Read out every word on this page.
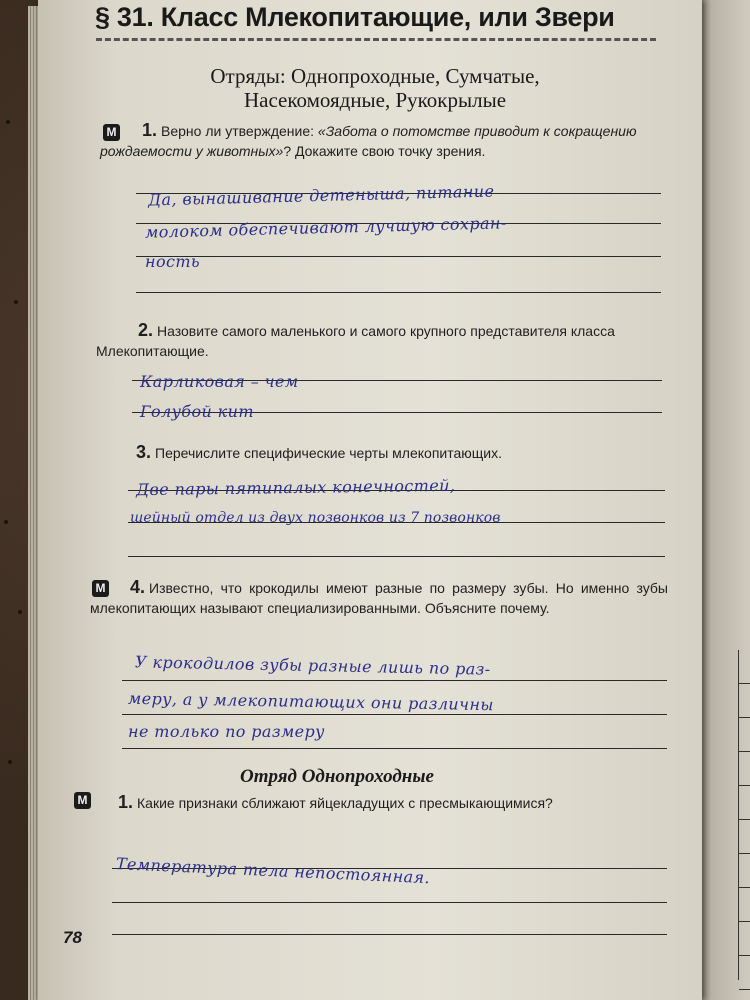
§ 31. Класс Млекопитающие, или Звери
Отряды: Однопроходные, Сумчатые,
Насекомоядные, Рукокрылые
М	1. Верно ли утверждение: «Забота о потомстве приводит к сокращению рождаемости у животных»? Докажите свою точку зрения.
Да, вынашивание детеныша, питание
молоком обеспечивают лучшую сохран-
ность
2. Назовите самого маленького и самого крупного представителя класса Млекопитающие.
Карликовая – чем
Голубой кит
3. Перечислите специфические черты млекопитающих.
Две пары пятипалых конечностей,
шейный отдел из двух позвонков из 7 позвонков
М	4. Известно, что крокодилы имеют разные по размеру зубы. Но именно зубы млекопитающих называют специализированными. Объясните почему.
У крокодилов зубы разные лишь по раз-
меру, а у млекопитающих они различны
не только по размеру
Отряд Однопроходные
М	1. Какие признаки сближают яйцекладущих с пресмыкающимися?
Температура тела непостоянная.
78
